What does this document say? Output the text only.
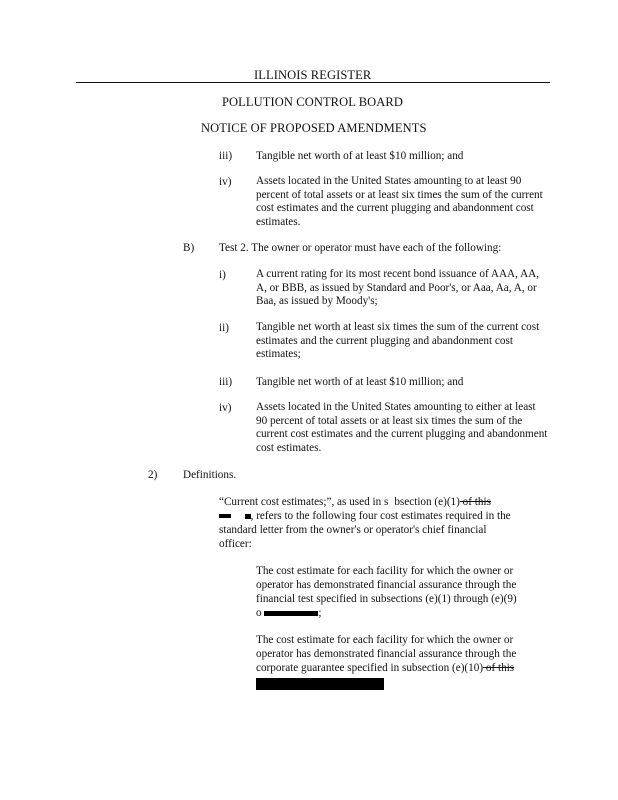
ILLINOIS REGISTER
POLLUTION CONTROL BOARD
NOTICE OF PROPOSED AMENDMENTS
iii) Tangible net worth of at least $10 million; and
iv) Assets located in the United States amounting to at least 90 percent of total assets or at least six times the sum of the current cost estimates and the current plugging and abandonment cost estimates.
B) Test 2. The owner or operator must have each of the following:
i)	A current rating for its most recent bond issuance of AAA, AA, A, or BBB, as issued by Standard and Poor's, or Aaa, Aa, A, or Baa, as issued by Moody's;
ii) Tangible net worth at least six times the sum of the current cost estimates and the current plugging and abandonment cost estimates;
iii) Tangible net worth of at least $10 million; and
iv) Assets located in the United States amounting to either at least 90 percent of total assets or at least six times the sum of the current cost estimates and the current plugging and abandonment cost estimates.
2) Definitions.
“Current cost estimates;”, as used in s bsection (e)(1) of this
, refers to the following four cost estimates required in the
standard letter from the owner's or operator's chief financial
officer:
The cost estimate for each facility for which the owner or
operator has demonstrated financial assurance through the
financial test specified in subsections (e)(1) through (e)(9)
o	;
The cost estimate for each facility for which the owner or
operator has demonstrated financial assurance through the
corporate guarantee specified in subsection (e)(10) of this
